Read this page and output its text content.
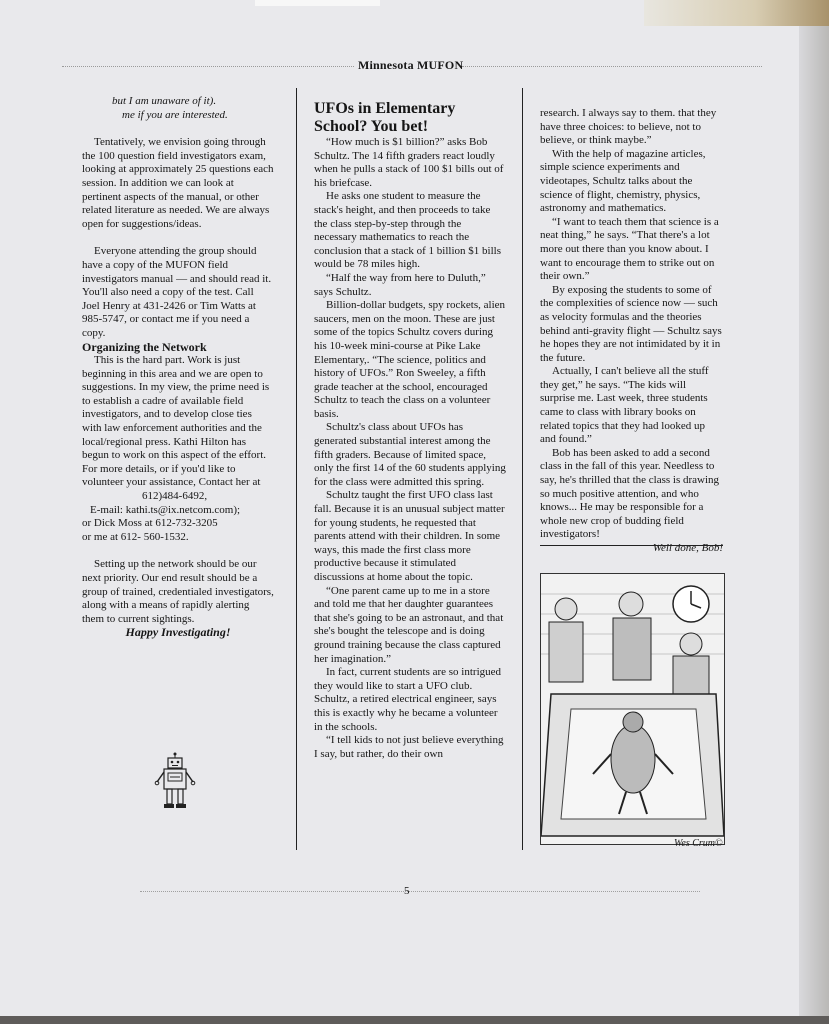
Minnesota MUFON

but I am unaware of it).

me if you are interested.

Tentatively, we envision going through the 100 question field investigators exam, looking at approximately 25 questions each session. In addition we can look at pertinent aspects of the manual, or other related literature as needed. We are always open for suggestions/ideas.

Everyone attending the group should have a copy of the MUFON field investigators manual — and should read it. You'll also need a copy of the test. Call Joel Henry at 431-2426 or Tim Watts at 985-5747, or contact me if you need a copy.

Organizing the Network

This is the hard part. Work is just beginning in this area and we are open to suggestions. In my view, the prime need is to establish a cadre of available field investigators, and to develop close ties with law enforcement authorities and the local/regional press. Kathi Hilton has begun to work on this aspect of the effort. For more details, or if you'd like to volunteer your assistance, Contact her at

612)484-6492,

E-mail: kathi.ts@ix.netcom.com);

or Dick Moss at 612-732-3205

or me at 612- 560-1532.

Setting up the network should be our next priority. Our end result should be a group of trained, credentialed investigators, along with a means of rapidly alerting them to current sightings.

Happy Investigating!

UFOs in Elementary School? You bet!

“How much is $1 billion?” asks Bob Schultz. The 14 fifth graders react loudly when he pulls a stack of 100 $1 bills out of his briefcase.

He asks one student to measure the stack's height, and then proceeds to take the class step-by-step through the necessary mathematics to reach the conclusion that a stack of 1 billion $1 bills would be 78 miles high.

“Half the way from here to Duluth,” says Schultz.

Billion-dollar budgets, spy rockets, alien saucers, men on the moon. These are just some of the topics Schultz covers during his 10-week mini-course at Pike Lake Elementary,. “The science, politics and history of UFOs.” Ron Sweeley, a fifth grade teacher at the school, encouraged Schultz to teach the class on a volunteer basis.

Schultz's class about UFOs has generated substantial interest among the fifth graders. Because of limited space, only the first 14 of the 60 students applying for the class were admitted this spring.

Schultz taught the first UFO class last fall. Because it is an unusual subject matter for young students, he requested that parents attend with their children. In some ways, this made the first class more productive because it stimulated discussions at home about the topic.

“One parent came up to me in a store and told me that her daughter guarantees that she's going to be an astronaut, and that she's bought the telescope and is doing ground training because the class captured her imagination.”

In fact, current students are so intrigued they would like to start a UFO club. Schultz, a retired electrical engineer, says this is exactly why he became a volunteer in the schools.

“I tell kids to not just believe everything I say, but rather, do their own

research. I always say to them. that they have three choices: to believe, not to believe, or think maybe.”

With the help of magazine articles, simple science experiments and videotapes, Schultz talks about the science of flight, chemistry, physics, astronomy and mathematics.

“I want to teach them that science is a neat thing,” he says. “That there's a lot more out there than you know about. I want to encourage them to strike out on their own.”

By exposing the students to some of the complexities of science now — such as velocity formulas and the theories behind anti-gravity flight — Schultz says he hopes they are not intimidated by it in the future.

Actually, I can't believe all the stuff they get,” he says. “The kids will surprise me. Last week, three students came to class with library books on related topics that they had looked up and found.”

Bob has been asked to add a second class in the fall of this year. Needless to say, he's thrilled that the class is drawing so much positive attention, and who knows... He may be responsible for a whole new crop of budding field investigators!

Well done, Bob!

Wes Crum©
5
